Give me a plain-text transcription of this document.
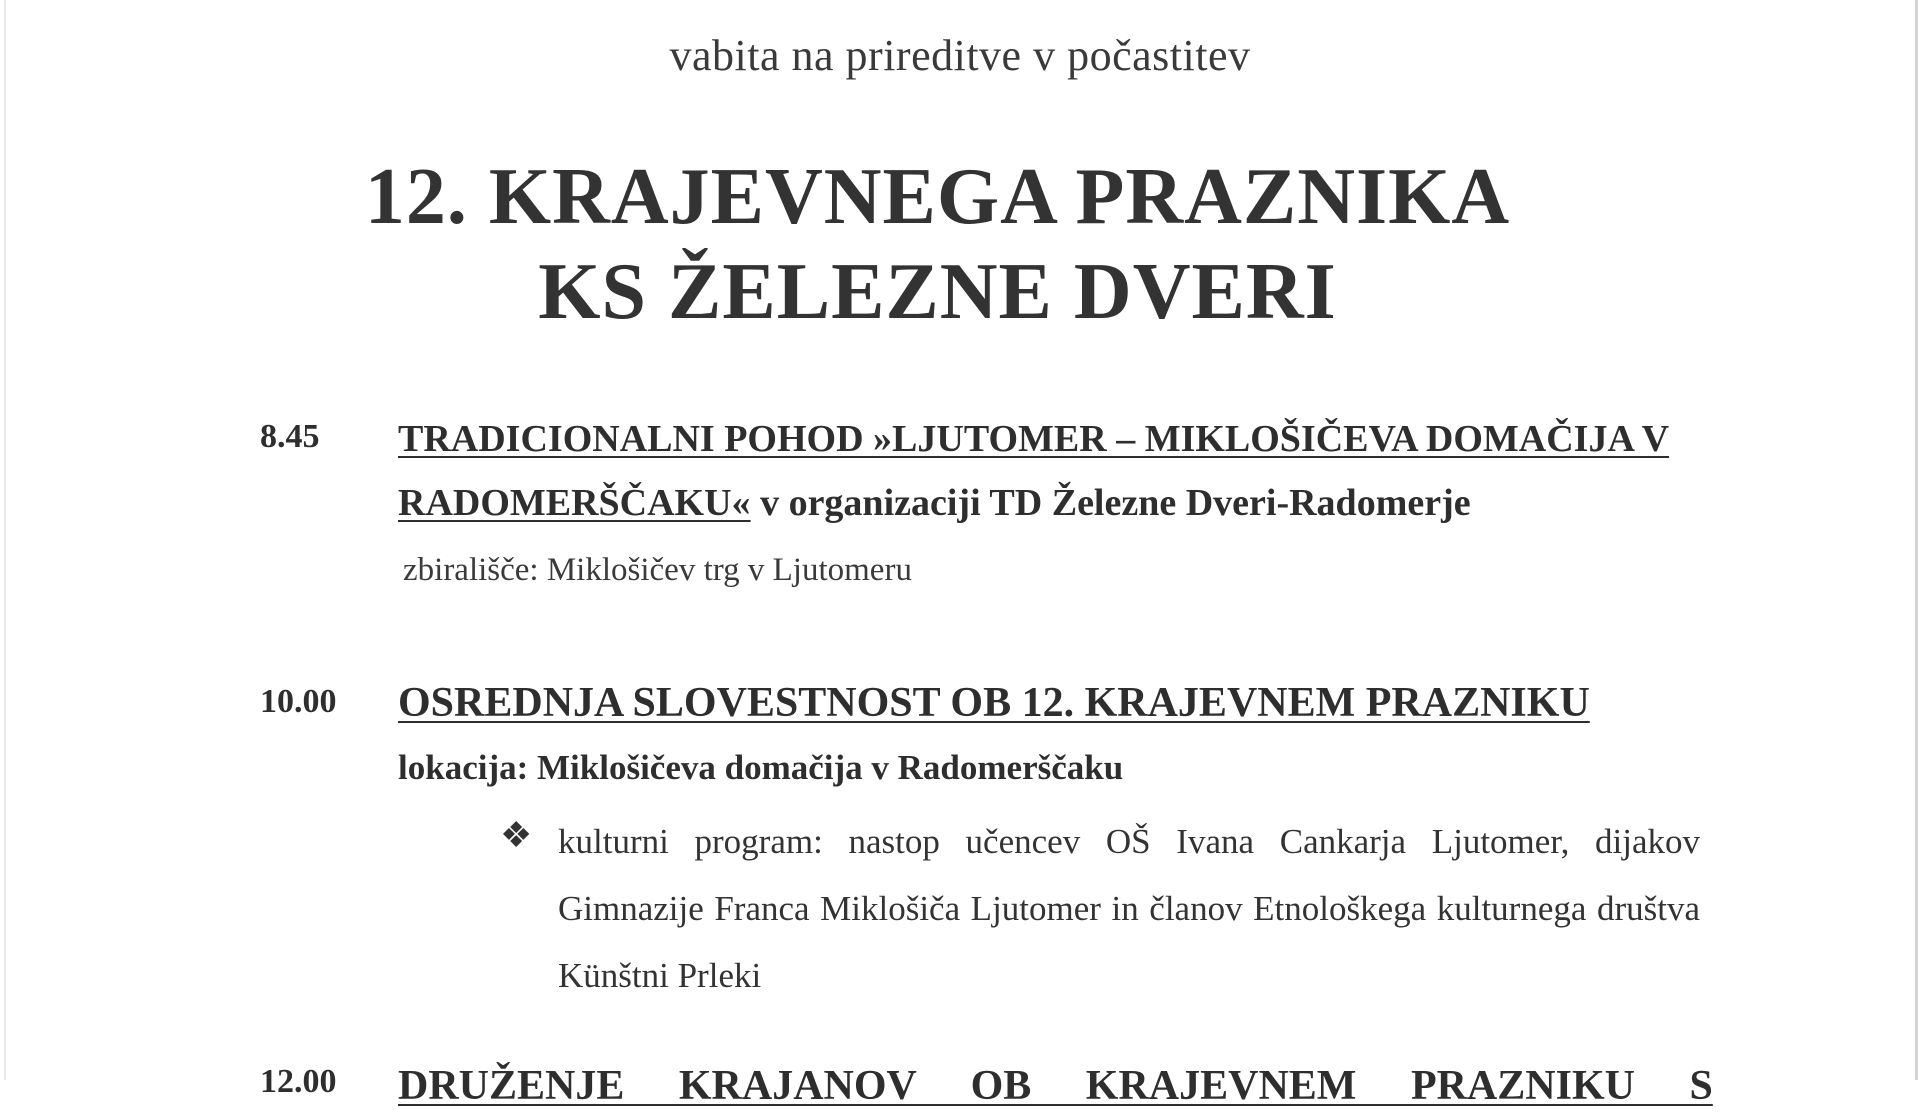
vabita na prireditve v počastitev
12. KRAJEVNEGA PRAZNIKA
KS ŽELEZNE DVERI
8.45 TRADICIONALNI POHOD »LJUTOMER – MIKLOŠIČEVA DOMAČIJA V
RADOMERŠČAKU« v organizaciji TD Železne Dveri-Radomerje
zbirališče: Miklošičev trg v Ljutomeru
10.00 OSREDNJA SLOVESTNOST OB 12. KRAJEVNEM PRAZNIKU
lokacija: Miklošičeva domačija v Radomerščaku
❖ kulturni program: nastop učencev OŠ Ivana Cankarja Ljutomer, dijakov Gimnazije Franca Miklošiča Ljutomer in članov Etnološkega kulturnega društva Künštni Prleki
12.00 DRUŽENJE KRAJANOV OB KRAJEVNEM PRAZNIKU S
